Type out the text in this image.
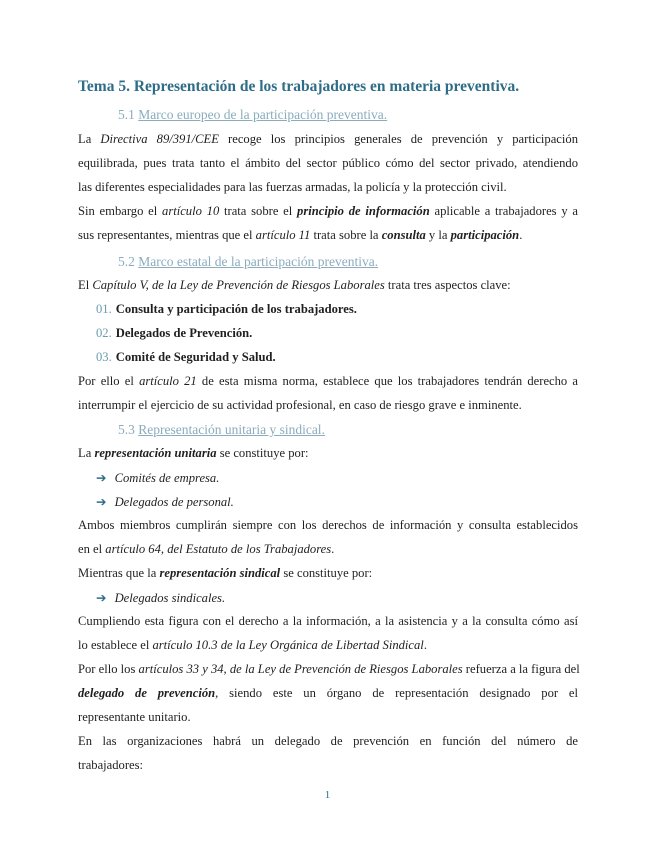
Tema 5. Representación de los trabajadores en materia preventiva.
5.1 Marco europeo de la participación preventiva.
La Directiva 89/391/CEE recoge los principios generales de prevención y participación
equilibrada, pues trata tanto el ámbito del sector público cómo del sector privado, atendiendo
las diferentes especialidades para las fuerzas armadas, la policía y la protección civil.
Sin embargo el artículo 10 trata sobre el principio de información aplicable a trabajadores y a
sus representantes, mientras que el artículo 11 trata sobre la consulta y la participación.
5.2 Marco estatal de la participación preventiva.
El Capítulo V, de la Ley de Prevención de Riesgos Laborales trata tres aspectos clave:
01. Consulta y participación de los trabajadores.
02. Delegados de Prevención.
03. Comité de Seguridad y Salud.
Por ello el artículo 21 de esta misma norma, establece que los trabajadores tendrán derecho a
interrumpir el ejercicio de su actividad profesional, en caso de riesgo grave e inminente.
5.3 Representación unitaria y sindical.
La representación unitaria se constituye por:
➔ Comités de empresa.
➔ Delegados de personal.
Ambos miembros cumplirán siempre con los derechos de información y consulta establecidos
en el artículo 64, del Estatuto de los Trabajadores.
Mientras que la representación sindical se constituye por:
➔ Delegados sindicales.
Cumpliendo esta figura con el derecho a la información, a la asistencia y a la consulta cómo así
lo establece el artículo 10.3 de la Ley Orgánica de Libertad Sindical.
Por ello los artículos 33 y 34, de la Ley de Prevención de Riesgos Laborales refuerza a la figura del
delegado de prevención, siendo este un órgano de representación designado por el
representante unitario.
En las organizaciones habrá un delegado de prevención en función del número de
trabajadores:
1
